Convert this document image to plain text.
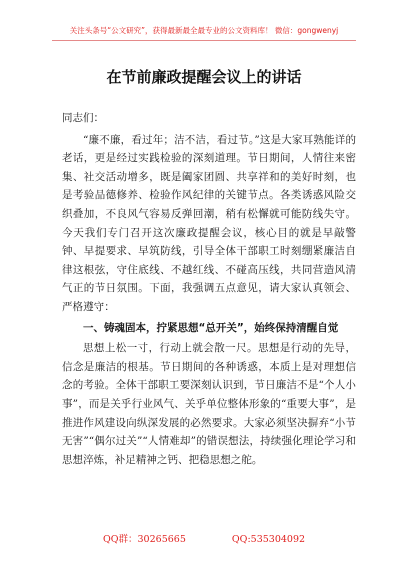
关注头条号“公文研究”，获得最新最全最专业的公文资料库！ 微信：gongwenyj
在节前廉政提醒会议上的讲话

同志们：

“廉不廉，看过年；洁不洁，看过节。”这是大家耳熟能详的老话，更是经过实践检验的深刻道理。节日期间，人情往来密集、社交活动增多，既是阖家团圆、共享祥和的美好时刻，也是考验品德修养、检验作风纪律的关键节点。各类诱惑风险交织叠加，不良风气容易反弹回潮，稍有松懈就可能防线失守。今天我们专门召开这次廉政提醒会议，核心目的就是早敲警钟、早提要求、早筑防线，引导全体干部职工时刻绷紧廉洁自律这根弦，守住底线、不越红线、不碰高压线，共同营造风清气正的节日氛围。下面，我强调五点意见，请大家认真领会、严格遵守：

一、铸魂固本，拧紧思想“总开关”，始终保持清醒自觉

思想上松一寸，行动上就会散一尺。思想是行动的先导，信念是廉洁的根基。节日期间的各种诱惑，本质上是对理想信念的考验。全体干部职工要深刻认识到，节日廉洁不是“个人小事”，而是关乎行业风气、关乎单位整体形象的“重要大事”，是推进作风建设向纵深发展的必然要求。大家必须坚决摒弃“小节无害”“偶尔过关”“人情难却”的错误想法，持续强化理论学习和思想淬炼，补足精神之钙、把稳思想之舵。

QQ群：30265665	QQ:535304092
